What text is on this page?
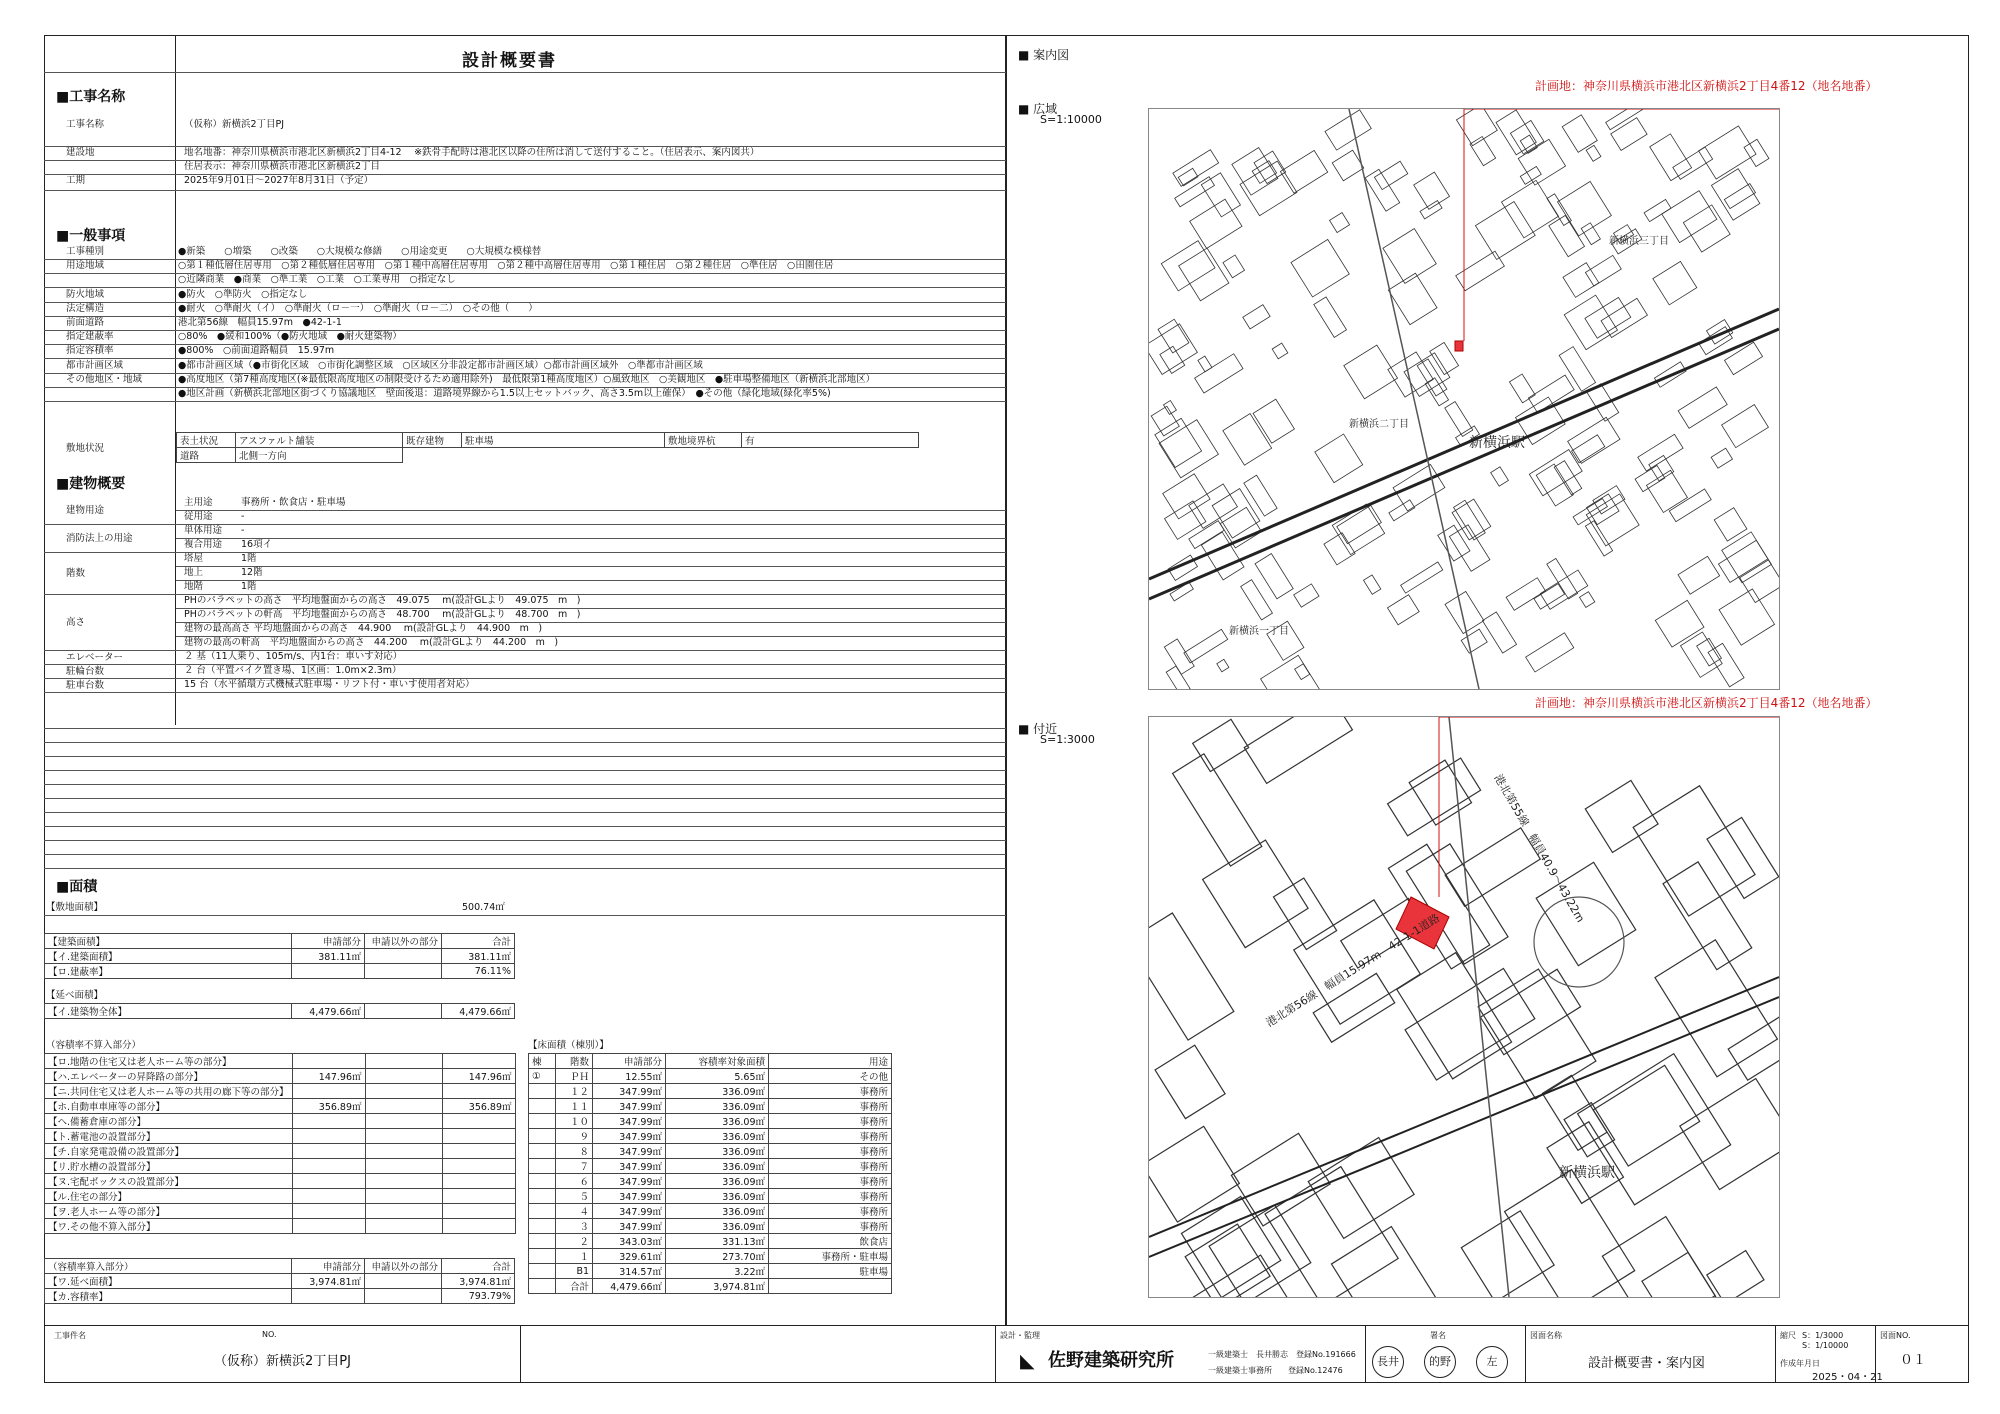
設計概要書	■ 案内図
■工事名称
■一般事項
■建物概要
■面積
■ 広域
S=1:10000
計画地：神奈川県横浜市港北区新横浜2丁目4番12（地名地番）
新横浜駅
新横浜三丁目
新横浜二丁目
新横浜一丁目
■ 付近
S=1:3000
計画地：神奈川県横浜市港北区新横浜2丁目4番12（地名地番）
新横浜駅
港北第56線　幅員15.97m　42-1-1道路
港北第55線　幅員40.9～43.22m
工事名称	（仮称）新横浜2丁目PJ
建設地	地名地番：神奈川県横浜市港北区新横浜2丁目4-12　 ※鉄骨手配時は港北区以降の住所は消して送付すること。（住居表示、案内図共）
住居表示：神奈川県横浜市港北区新横浜2丁目
工期	2025年9月01日～2027年8月31日（予定）
工事種別	●新築　　○増築　　○改築　　○大規模な修繕　　○用途変更　　○大規模な模様替
用途地域	○第１種低層住居専用　○第２種低層住居専用　○第１種中高層住居専用　○第２種中高層住居専用　○第１種住居　○第２種住居　○準住居　○田園住居
○近隣商業　●商業　○準工業　○工業　○工業専用　○指定なし
防火地域	●防火　○準防火　○指定なし
法定構造	●耐火　○準耐火（イ）　○準耐火（ロ－一）　○準耐火（ロ－二）　○その他（　　）
前面道路	港北第56線　幅員15.97m　●42-1-1
指定建蔽率	○80%　●緩和100%（●防火地域　●耐火建築物）
指定容積率	●800%　○前面道路幅員　15.97m
都市計画区域	●都市計画区域（●市街化区域　○市街化調整区域　○区域区分非設定都市計画区域）○都市計画区域外　○準都市計画区域
その他地区・地域	●高度地区（第7種高度地区(※最低限高度地区の制限受けるため適用除外)　最低限第1種高度地区）○風致地区　○美観地区　●駐車場整備地区（新横浜北部地区）
●地区計画（新横浜北部地区街づくり協議地区　壁面後退：道路境界線から1.5以上セットバック、高さ3.5m以上確保）　●その他（緑化地域(緑化率5%)
敷地状況
表土状況	アスファルト舗装	既存建物	駐車場	敷地境界杭	有
道路	北側一方向				
建物用途
主用途　　　事務所・飲食店・駐車場
従用途　　　-
消防法上の用途
単体用途　　-
複合用途　　16項イ
階数
塔屋　　　　1階
地上　　　　12階
地階　　　　1階
高さ
PHのパラペットの高さ　平均地盤面からの高さ　49.075　 m(設計GLより　49.075　m　)
PHのパラペットの軒高　平均地盤面からの高さ　48.700　 m(設計GLより　48.700　m　)
建物の最高高さ 平均地盤面からの高さ　44.900　 m(設計GLより　44.900　m　)
建物の最高の軒高　平均地盤面からの高さ　44.200　 m(設計GLより　44.200　m　)
エレベーター	２ 基（11人乗り、105m/s、内1台：車いす対応）
駐輪台数	２ 台（平置バイク置き場、1区画：1.0m×2.3m）
駐車台数	15 台（水平循環方式機械式駐車場・リフト付・車いす使用者対応）
【敷地面積】	500.74㎡
【建築面積】	申請部分	申請以外の部分	合計
【イ.建築面積】	381.11㎡		381.11㎡
【ロ.建蔽率】			76.11%
【延べ面積】
【イ.建築物全体】	4,479.66㎡		4,479.66㎡
（容積率不算入部分）
【ロ.地階の住宅又は老人ホーム等の部分】			
【ハ.エレベーターの昇降路の部分】	147.96㎡		147.96㎡
【ニ.共同住宅又は老人ホーム等の共用の廊下等の部分】			
【ホ.自動車車庫等の部分】	356.89㎡		356.89㎡
【ヘ.備蓄倉庫の部分】			
【ト.蓄電池の設置部分】			
【チ.自家発電設備の設置部分】			
【リ.貯水槽の設置部分】			
【ヌ.宅配ボックスの設置部分】			
【ル.住宅の部分】			
【ヲ.老人ホーム等の部分】			
【ワ.その他不算入部分】			
（容積率算入部分）	申請部分	申請以外の部分	合計
【ワ.延べ面積】	3,974.81㎡		3,974.81㎡
【カ.容積率】			793.79%
【床面積（棟別）】
棟	階数	申請部分	容積率対象面積	用途
①	ＰＨ	12.55㎡	5.65㎡	その他
	１２	347.99㎡	336.09㎡	事務所
	１１	347.99㎡	336.09㎡	事務所
	１０	347.99㎡	336.09㎡	事務所
	９	347.99㎡	336.09㎡	事務所
	８	347.99㎡	336.09㎡	事務所
	７	347.99㎡	336.09㎡	事務所
	６	347.99㎡	336.09㎡	事務所
	５	347.99㎡	336.09㎡	事務所
	４	347.99㎡	336.09㎡	事務所
	３	347.99㎡	336.09㎡	事務所
	２	343.03㎡	331.13㎡	飲食店
	１	329.61㎡	273.70㎡	事務所・駐車場
	B1	314.57㎡	3.22㎡	駐車場
	合計	4,479.66㎡	3,974.81㎡	
工事件名	NO.
（仮称）新横浜2丁目PJ
設計・監理
◣ 佐野建築研究所	一級建築士　長井勝志　登録No.191666
一級建築士事務所　　登録No.12476
署名
長井	的野	左
図面名称
設計概要書・案内図
縮尺 S：1/3000
S：1/10000
作成年月日
2025・04・21
図面NO.
０１
